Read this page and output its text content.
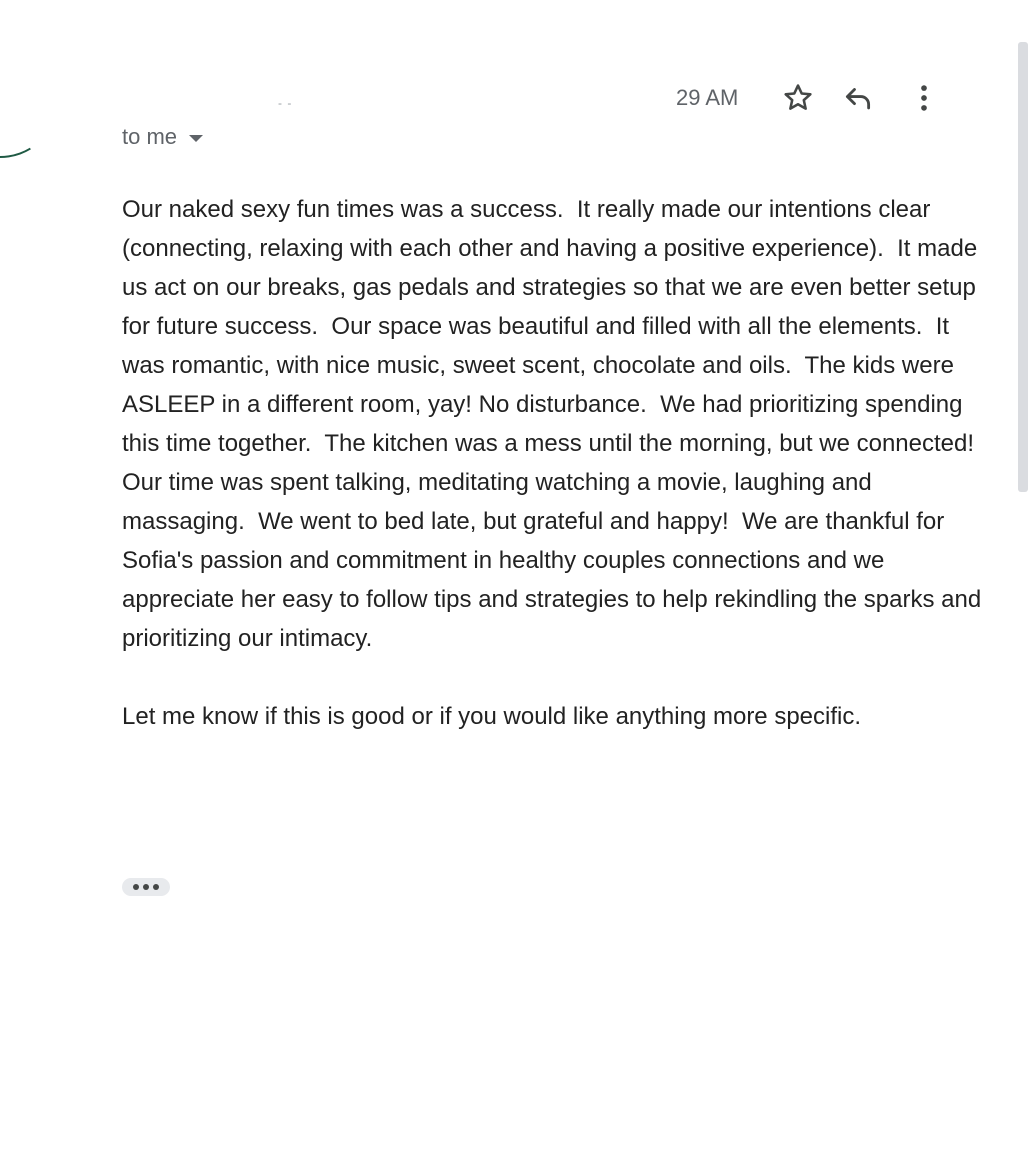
- -	29 AM
to me

Our naked sexy fun times was a success.  It really made our intentions clear (connecting, relaxing with each other and having a positive experience).  It made us act on our breaks, gas pedals and strategies so that we are even better setup for future success.  Our space was beautiful and filled with all the elements.  It was romantic, with nice music, sweet scent, chocolate and oils.  The kids were ASLEEP in a different room, yay! No disturbance.  We had prioritizing spending this time together.  The kitchen was a mess until the morning, but we connected!  Our time was spent talking, meditating watching a movie, laughing and massaging.  We went to bed late, but grateful and happy!  We are thankful for Sofia's passion and commitment in healthy couples connections and we appreciate her easy to follow tips and strategies to help rekindling the sparks and prioritizing our intimacy.

Let me know if this is good or if you would like anything more specific.
